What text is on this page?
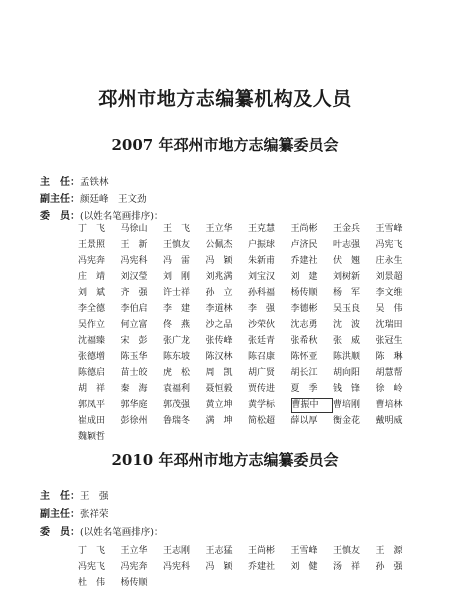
邳州市地方志编纂机构及人员
2007 年邳州市地方志编纂委员会
主　任：孟铁林
副主任：颜廷峰　王文劲
委　员：(以姓名笔画排序)：
丁　飞	马徐山	王　飞	王立华	王克慧	王尚彬	王金兵	王雪峰
王景照	王　新	王慎友	公佩杰	户振球	卢济民	叶志强	冯宪飞
冯宪奔	冯宪科	冯　雷	冯　颖	朱新甫	乔建社	伏　翘	庄永生
庄　靖	刘汉瑩	刘　刚	刘兆满	刘宝汉	刘　建	刘树新	刘景超
刘　斌	齐　强	许士祥	孙　立	孙科福	杨传顺	杨　军	李文维
李全德	李伯启	李　建	李道林	李　强	李德彬	吴玉良	吴　伟
吴作立	何立富	佟　燕	沙之品	沙荣伙	沈志勇	沈　波	沈瑞田
沈福臻	宋　彭	张广龙	张传峰	张廷青	张希秋	张　威	张冠生
张德增	陈玉华	陈东坡	陈汉林	陈召康	陈怀亚	陈洪顺	陈　琳
陈德启	苗士皎	虎　松	周　凯	胡广贤	胡长江	胡向阳	胡慧帮
胡　祥	秦　海	袁福利	聂恒毅	贾传进	夏　季	钱　锋	徐　岭
郭凤平	郭华庭	郭茂强	黄立坤	黄学标	曹振中	曹培刚	曹培林
崔成田	彭徐州	鲁瑞冬	满　坤	简松超	薛以厚	衡金花	戴明威
魏颖哲
2010 年邳州市地方志编纂委员会
主　任：王　强
副主任：张祥荣
委　员：(以姓名笔画排序)：
丁　飞	王立华	王志刚	王志猛	王尚彬	王雪峰	王慎友	王　源
冯宪飞	冯宪奔	冯宪科	冯　颖	乔建社	刘　健	汤　祥	孙　强
杜　伟	杨传顺
